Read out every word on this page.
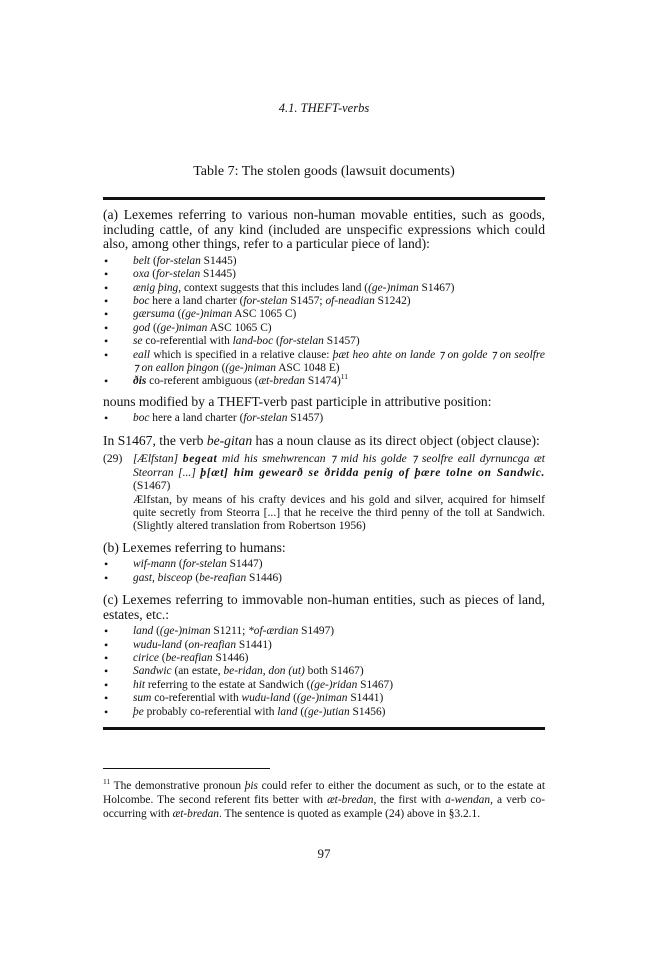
4.1. THEFT-verbs
Table 7: The stolen goods (lawsuit documents)

(a) Lexemes referring to various non-human movable entities, such as goods, including cattle, of any kind (included are unspecific expressions which could also, among other things, refer to a particular piece of land):

• belt (for-stelan S1445)
• oxa (for-stelan S1445)
• ænig þing, context suggests that this includes land ((ge-)niman S1467)
• boc here a land charter (for-stelan S1457; of-neadian S1242)
• gærsuma ((ge-)niman ASC 1065 C)
• god ((ge-)niman ASC 1065 C)
• se co-referential with land-boc (for-stelan S1457)
• eall which is specified in a relative clause: þæt heo ahte on lande ⁊ on golde ⁊ on seolfre ⁊ on eallon þingon ((ge-)niman ASC 1048 E)
• ðis co-referent ambiguous (æt-bredan S1474)$^{11}$

nouns modified by a THEFT-verb past participle in attributive position:

• boc here a land charter (for-stelan S1457)

In S1467, the verb be-gitan has a noun clause as its direct object (object clause):

(29) [Ælfstan] begeat mid his smehwrencan ⁊ mid his golde ⁊ seolfre eall dyrnuncga æt Steorran [...] þ[æt] him gewearð se ðridda penig of þære tolne on Sandwic. (S1467)
Ælfstan, by means of his crafty devices and his gold and silver, acquired for himself quite secretly from Steorra [...] that he receive the third penny of the toll at Sandwich. (Slightly altered translation from Robertson 1956)

(b) Lexemes referring to humans:

• wif-mann (for-stelan S1447)
• gast, bisceop (be-reafian S1446)

(c) Lexemes referring to immovable non-human entities, such as pieces of land, estates, etc.:

• land ((ge-)niman S1211; *of-ærdian S1497)
• wudu-land (on-reafian S1441)
• cirice (be-reafian S1446)
• Sandwic (an estate, be-ridan, don (ut) both S1467)
• hit referring to the estate at Sandwich ((ge-)ridan S1467)
• sum co-referential with wudu-land ((ge-)niman S1441)
• þe probably co-referential with land ((ge-)utian S1456)
$^{11}$ The demonstrative pronoun þis could refer to either the document as such, or to the estate at Holcombe. The second referent fits better with æt-bredan, the first with a-wendan, a verb co-occurring with æt-bredan. The sentence is quoted as example (24) above in §3.2.1.
97
